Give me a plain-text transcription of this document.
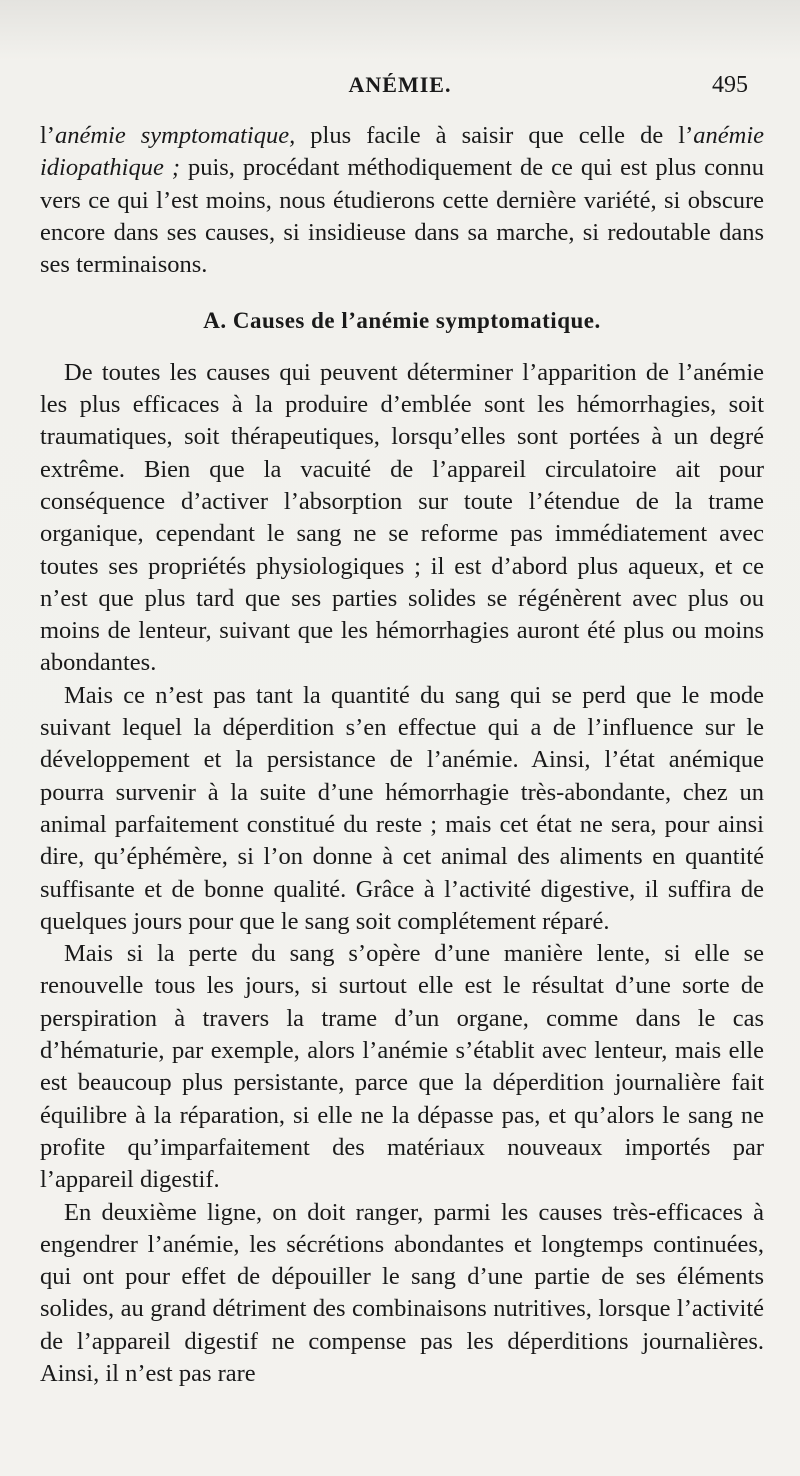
ANÉMIE.	495

l’anémie symptomatique, plus facile à saisir que celle de l’anémie idiopathique ; puis, procédant méthodiquement de ce qui est plus connu vers ce qui l’est moins, nous étudierons cette dernière variété, si obscure encore dans ses causes, si insidieuse dans sa marche, si redoutable dans ses terminaisons.

A. Causes de l’anémie symptomatique.

De toutes les causes qui peuvent déterminer l’apparition de l’anémie les plus efficaces à la produire d’emblée sont les hémorrhagies, soit traumatiques, soit thérapeutiques, lorsqu’elles sont portées à un degré extrême. Bien que la vacuité de l’appareil circulatoire ait pour conséquence d’activer l’absorption sur toute l’étendue de la trame organique, cependant le sang ne se reforme pas immédiatement avec toutes ses propriétés physiologiques ; il est d’abord plus aqueux, et ce n’est que plus tard que ses parties solides se régénèrent avec plus ou moins de lenteur, suivant que les hémorrhagies auront été plus ou moins abondantes.

Mais ce n’est pas tant la quantité du sang qui se perd que le mode suivant lequel la déperdition s’en effectue qui a de l’influence sur le développement et la persistance de l’anémie. Ainsi, l’état anémique pourra survenir à la suite d’une hémorrhagie très-abondante, chez un animal parfaitement constitué du reste ; mais cet état ne sera, pour ainsi dire, qu’éphémère, si l’on donne à cet animal des aliments en quantité suffisante et de bonne qualité. Grâce à l’activité digestive, il suffira de quelques jours pour que le sang soit complétement réparé.

Mais si la perte du sang s’opère d’une manière lente, si elle se renouvelle tous les jours, si surtout elle est le résultat d’une sorte de perspiration à travers la trame d’un organe, comme dans le cas d’hématurie, par exemple, alors l’anémie s’établit avec lenteur, mais elle est beaucoup plus persistante, parce que la déperdition journalière fait équilibre à la réparation, si elle ne la dépasse pas, et qu’alors le sang ne profite qu’imparfaitement des matériaux nouveaux importés par l’appareil digestif.

En deuxième ligne, on doit ranger, parmi les causes très-efficaces à engendrer l’anémie, les sécrétions abondantes et longtemps continuées, qui ont pour effet de dépouiller le sang d’une partie de ses éléments solides, au grand détriment des combinaisons nutritives, lorsque l’activité de l’appareil digestif ne compense pas les déperditions journalières. Ainsi, il n’est pas rare
